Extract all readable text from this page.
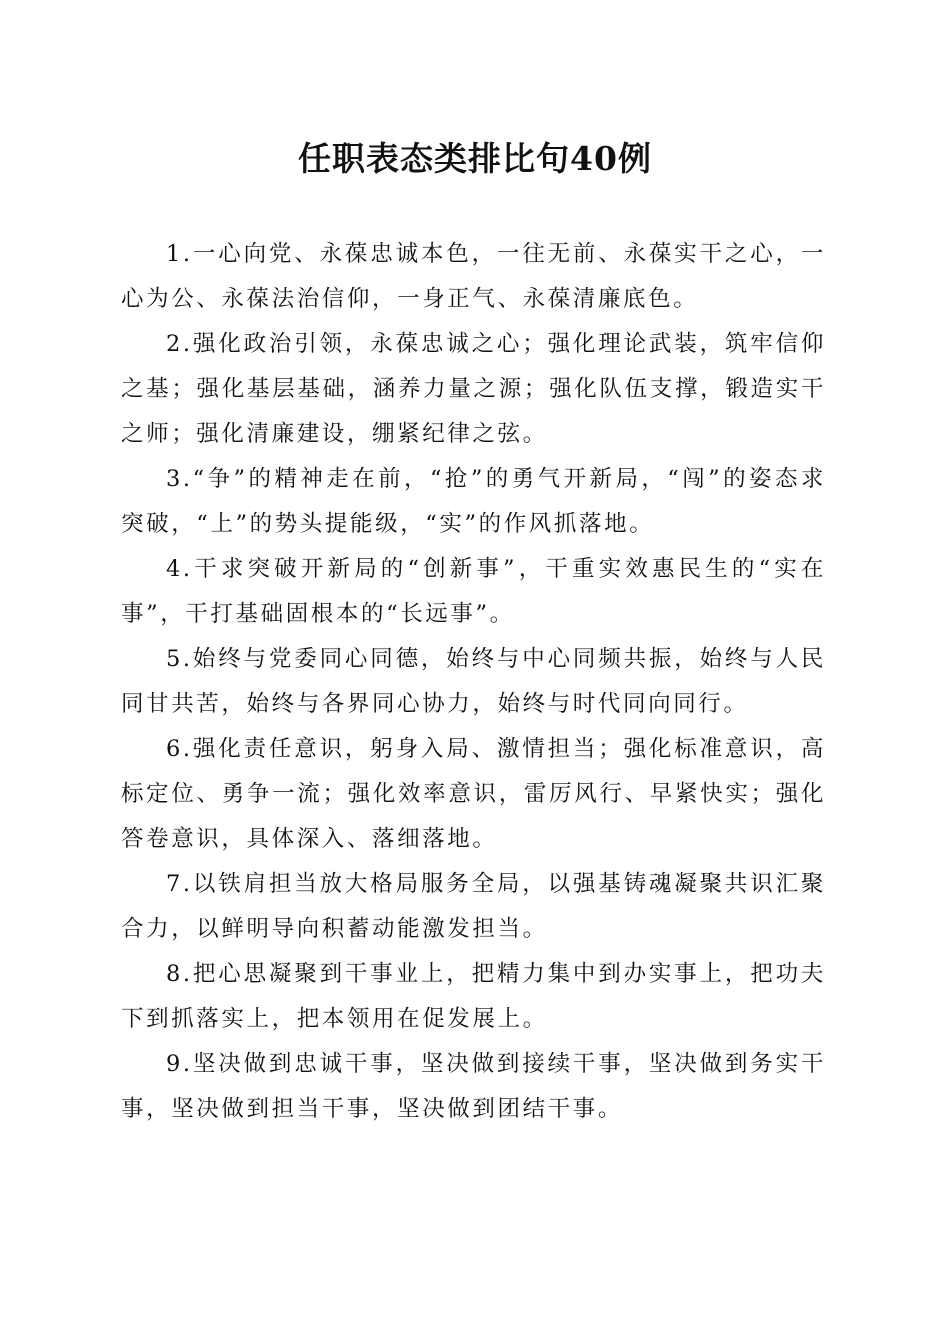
任职表态类排比句40例

1.一心向党、永葆忠诚本色，一往无前、永葆实干之心，一心为公、永葆法治信仰，一身正气、永葆清廉底色。

2.强化政治引领，永葆忠诚之心；强化理论武装，筑牢信仰之基；强化基层基础，涵养力量之源；强化队伍支撑，锻造实干之师；强化清廉建设，绷紧纪律之弦。

3.“争”的精神走在前，“抢”的勇气开新局，“闯”的姿态求突破，“上”的势头提能级，“实”的作风抓落地。

4.干求突破开新局的“创新事”，干重实效惠民生的“实在事”，干打基础固根本的“长远事”。

5.始终与党委同心同德，始终与中心同频共振，始终与人民同甘共苦，始终与各界同心协力，始终与时代同向同行。

6.强化责任意识，躬身入局、激情担当；强化标准意识，高标定位、勇争一流；强化效率意识，雷厉风行、早紧快实；强化答卷意识，具体深入、落细落地。

7.以铁肩担当放大格局服务全局，以强基铸魂凝聚共识汇聚合力，以鲜明导向积蓄动能激发担当。

8.把心思凝聚到干事业上，把精力集中到办实事上，把功夫下到抓落实上，把本领用在促发展上。

9.坚决做到忠诚干事，坚决做到接续干事，坚决做到务实干事，坚决做到担当干事，坚决做到团结干事。
